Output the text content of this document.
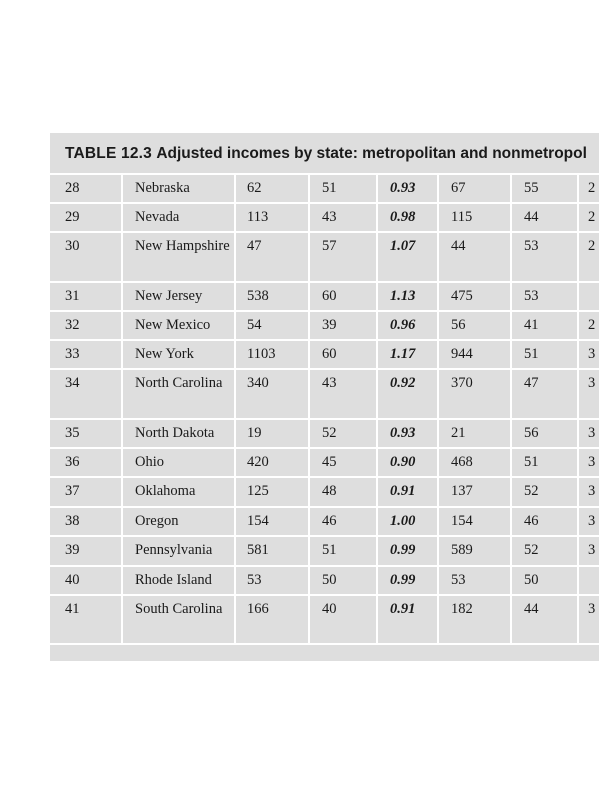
TABLE 12.3 Adjusted incomes by state: metropolitan and nonmetropol
28	Nebraska	62	51	0.93	67	55	2
29	Nevada	113	43	0.98	115	44	2
30	New Hampshire 47	57	1.07	44	53	2
31	New Jersey	538	60	1.13	475	53
32	New Mexico	54	39	0.96	56	41	2
33	New York	1103	60	1.17	944	51	3
34	North Carolina	340	43	0.92	370	47	3
35	North Dakota	19	52	0.93	21	56	3
36	Ohio	420	45	0.90	468	51	3
37	Oklahoma	125	48	0.91	137	52	3
38	Oregon	154	46	1.00	154	46	3
39	Pennsylvania	581	51	0.99	589	52	3
40	Rhode Island	53	50	0.99	53	50
41	South Carolina	166	40	0.91	182	44	3
